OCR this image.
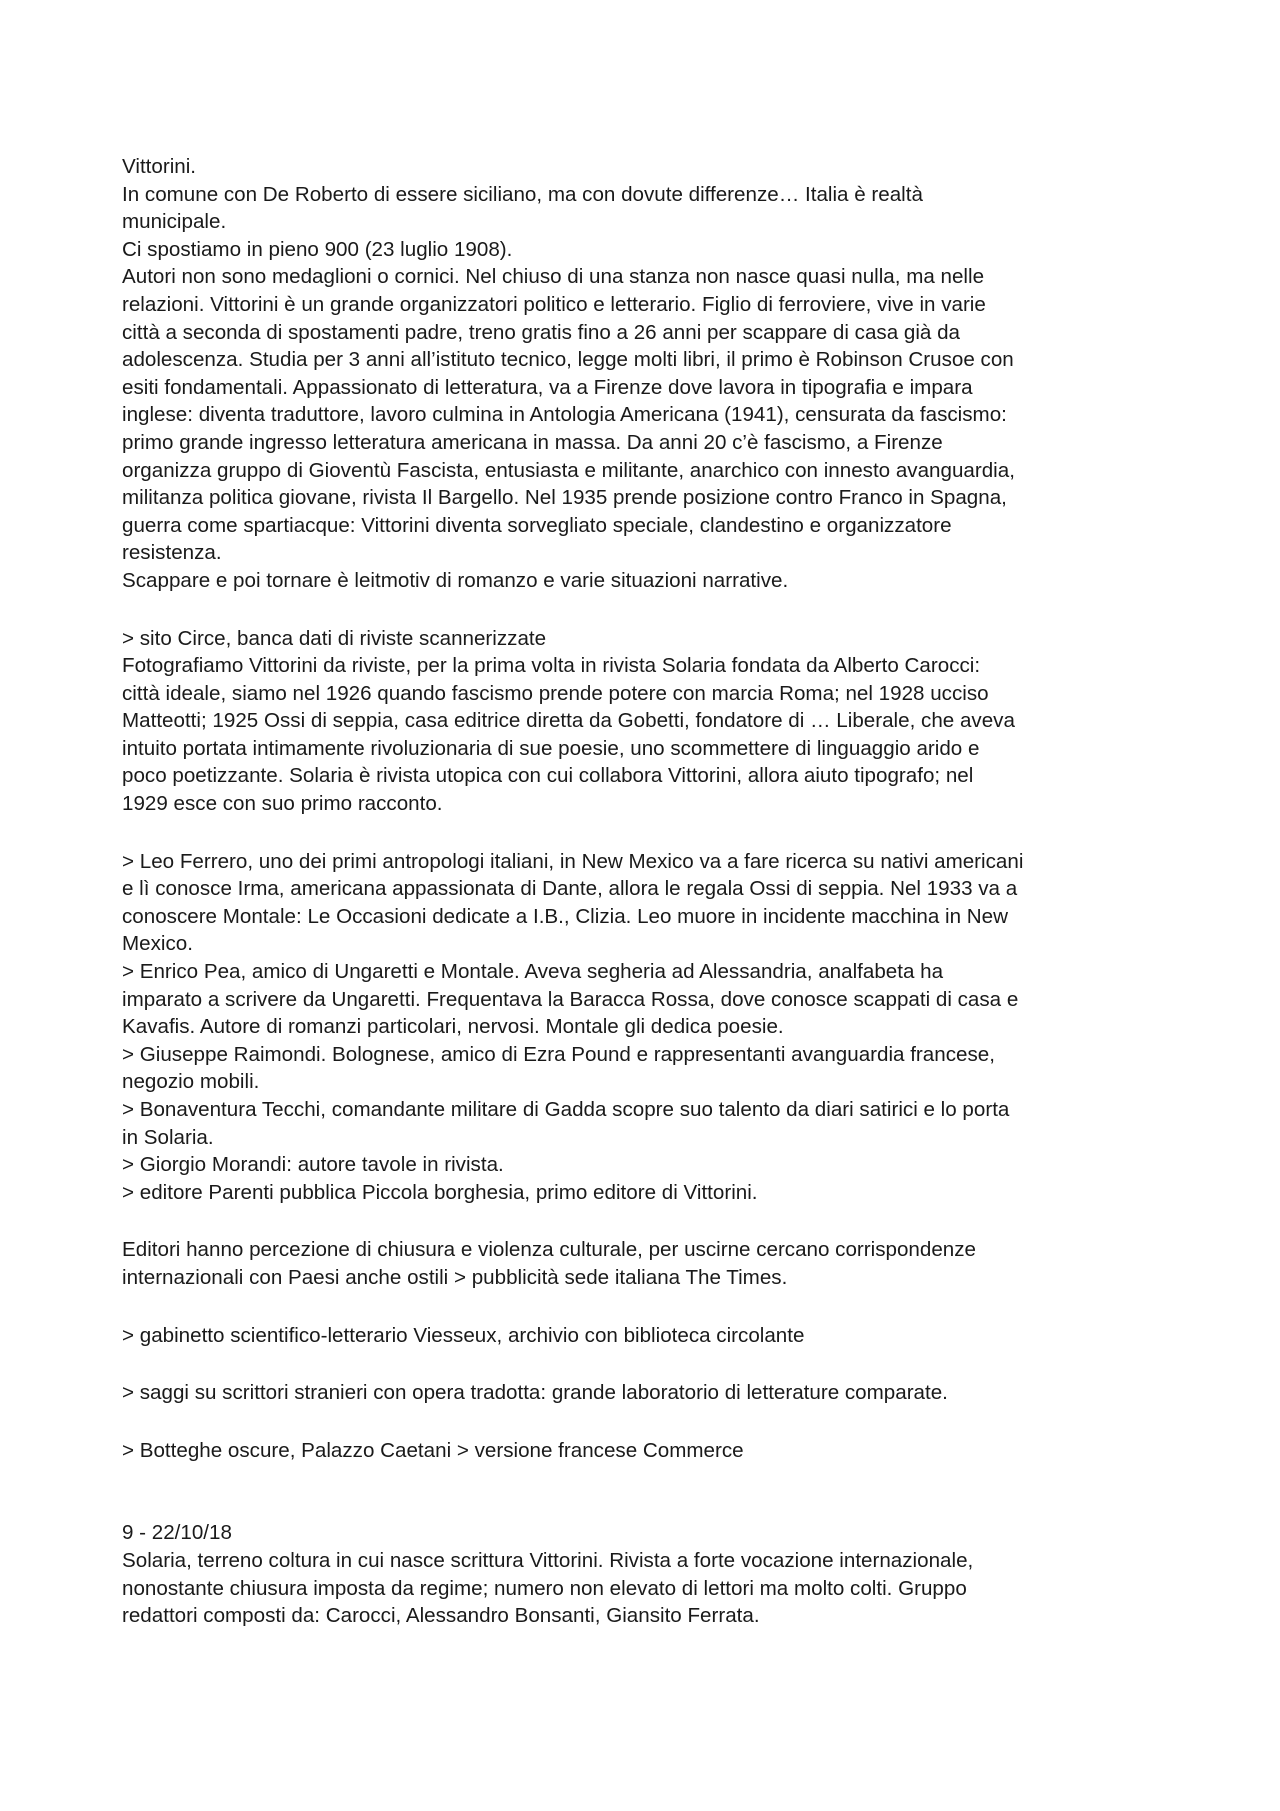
Vittorini.
In comune con De Roberto di essere siciliano, ma con dovute differenze… Italia è realtà
municipale.
Ci spostiamo in pieno 900 (23 luglio 1908).
Autori non sono medaglioni o cornici. Nel chiuso di una stanza non nasce quasi nulla, ma nelle
relazioni. Vittorini è un grande organizzatori politico e letterario. Figlio di ferroviere, vive in varie
città a seconda di spostamenti padre, treno gratis fino a 26 anni per scappare di casa già da
adolescenza. Studia per 3 anni all’istituto tecnico, legge molti libri, il primo è Robinson Crusoe con
esiti fondamentali. Appassionato di letteratura, va a Firenze dove lavora in tipografia e impara
inglese: diventa traduttore, lavoro culmina in Antologia Americana (1941), censurata da fascismo:
primo grande ingresso letteratura americana in massa. Da anni 20 c’è fascismo, a Firenze
organizza gruppo di Gioventù Fascista, entusiasta e militante, anarchico con innesto avanguardia,
militanza politica giovane, rivista Il Bargello. Nel 1935 prende posizione contro Franco in Spagna,
guerra come spartiacque: Vittorini diventa sorvegliato speciale, clandestino e organizzatore
resistenza.
Scappare e poi tornare è leitmotiv di romanzo e varie situazioni narrative.
> sito Circe, banca dati di riviste scannerizzate
Fotografiamo Vittorini da riviste, per la prima volta in rivista Solaria fondata da Alberto Carocci:
città ideale, siamo nel 1926 quando fascismo prende potere con marcia Roma; nel 1928 ucciso
Matteotti; 1925 Ossi di seppia, casa editrice diretta da Gobetti, fondatore di … Liberale, che aveva
intuito portata intimamente rivoluzionaria di sue poesie, uno scommettere di linguaggio arido e
poco poetizzante. Solaria è rivista utopica con cui collabora Vittorini, allora aiuto tipografo; nel
1929 esce con suo primo racconto.
> Leo Ferrero, uno dei primi antropologi italiani, in New Mexico va a fare ricerca su nativi americani
e lì conosce Irma, americana appassionata di Dante, allora le regala Ossi di seppia. Nel 1933 va a
conoscere Montale: Le Occasioni dedicate a I.B., Clizia. Leo muore in incidente macchina in New
Mexico.
> Enrico Pea, amico di Ungaretti e Montale. Aveva segheria ad Alessandria, analfabeta ha
imparato a scrivere da Ungaretti. Frequentava la Baracca Rossa, dove conosce scappati di casa e
Kavafis. Autore di romanzi particolari, nervosi. Montale gli dedica poesie.
> Giuseppe Raimondi. Bolognese, amico di Ezra Pound e rappresentanti avanguardia francese,
negozio mobili.
> Bonaventura Tecchi, comandante militare di Gadda scopre suo talento da diari satirici e lo porta
in Solaria.
> Giorgio Morandi: autore tavole in rivista.
> editore Parenti pubblica Piccola borghesia, primo editore di Vittorini.
Editori hanno percezione di chiusura e violenza culturale, per uscirne cercano corrispondenze
internazionali con Paesi anche ostili > pubblicità sede italiana The Times.
> gabinetto scientifico-letterario Viesseux, archivio con biblioteca circolante
> saggi su scrittori stranieri con opera tradotta: grande laboratorio di letterature comparate.
> Botteghe oscure, Palazzo Caetani > versione francese Commerce
9 - 22/10/18
Solaria, terreno coltura in cui nasce scrittura Vittorini. Rivista a forte vocazione internazionale,
nonostante chiusura imposta da regime; numero non elevato di lettori ma molto colti. Gruppo
redattori composti da: Carocci, Alessandro Bonsanti, Giansito Ferrata.
